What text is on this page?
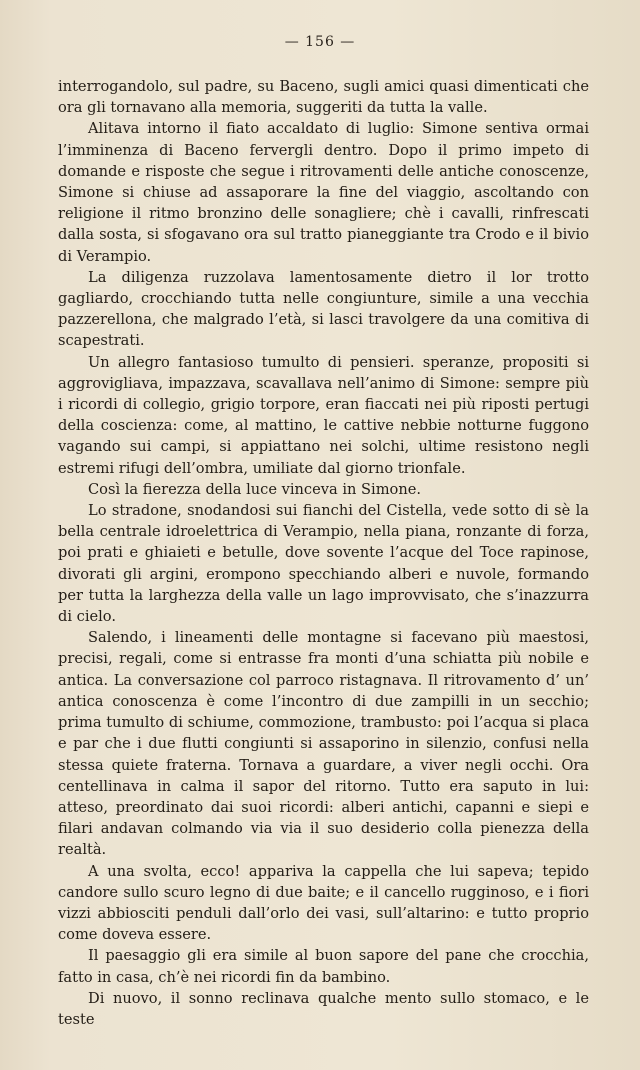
— 156 —

interrogandolo, sul padre, su Baceno, sugli amici quasi dimenticati che ora gli tornavano alla memoria, suggeriti da tutta la valle.

Alitava intorno il fiato accaldato di luglio: Simone sentiva ormai l’imminenza di Baceno fervergli dentro. Dopo il primo impeto di domande e risposte che segue i ritrovamenti delle antiche conoscenze, Simone si chiuse ad assaporare la fine del viaggio, ascoltando con religione il ritmo bronzino delle sonagliere; chè i cavalli, rinfrescati dalla sosta, si sfogavano ora sul tratto pianeggiante tra Crodo e il bivio di Verampio.

La diligenza ruzzolava lamentosamente dietro il lor trotto gagliardo, crocchiando tutta nelle congiunture, simile a una vecchia pazzerellona, che malgrado l’età, si lasci travolgere da una comitiva di scapestrati.

Un allegro fantasioso tumulto di pensieri. speranze, propositi si aggrovigliava, impazzava, scavallava nell’animo di Simone: sempre più i ricordi di collegio, grigio torpore, eran fiaccati nei più riposti pertugi della coscienza: come, al mattino, le cattive nebbie notturne fuggono vagando sui campi, si appiattano nei solchi, ultime resistono negli estremi rifugi dell’ombra, umiliate dal giorno trionfale.

Così la fierezza della luce vinceva in Simone.

Lo stradone, snodandosi sui fianchi del Cistella, vede sotto di sè la bella centrale idroelettrica di Verampio, nella piana, ronzante di forza, poi prati e ghiaieti e betulle, dove sovente l’acque del Toce rapinose, divorati gli argini, erompono specchiando alberi e nuvole, formando per tutta la larghezza della valle un lago improvvisato, che s’inazzurra di cielo.

Salendo, i lineamenti delle montagne si facevano più maestosi, precisi, regali, come si entrasse fra monti d’una schiatta più nobile e antica. La conversazione col parroco ristagnava. Il ritrovamento d’ un’ antica conoscenza è come l’incontro di due zampilli in un secchio; prima tumulto di schiume, commozione, trambusto: poi l’acqua si placa e par che i due flutti congiunti si assaporino in silenzio, confusi nella stessa quiete fraterna. Tornava a guardare, a viver negli occhi. Ora centellinava in calma il sapor del ritorno. Tutto era saputo in lui: atteso, preordinato dai suoi ricordi: alberi antichi, capanni e siepi e filari andavan colmando via via il suo desiderio colla pienezza della realtà.

A una svolta, ecco! appariva la cappella che lui sapeva; tepido candore sullo scuro legno di due baite; e il cancello rugginoso, e i fiori vizzi abbiosciti penduli dall’orlo dei vasi, sull’altarino: e tutto proprio come doveva essere.

Il paesaggio gli era simile al buon sapore del pane che crocchia, fatto in casa, ch’è nei ricordi fin da bambino.

Di nuovo, il sonno reclinava qualche mento sullo stomaco, e le teste
